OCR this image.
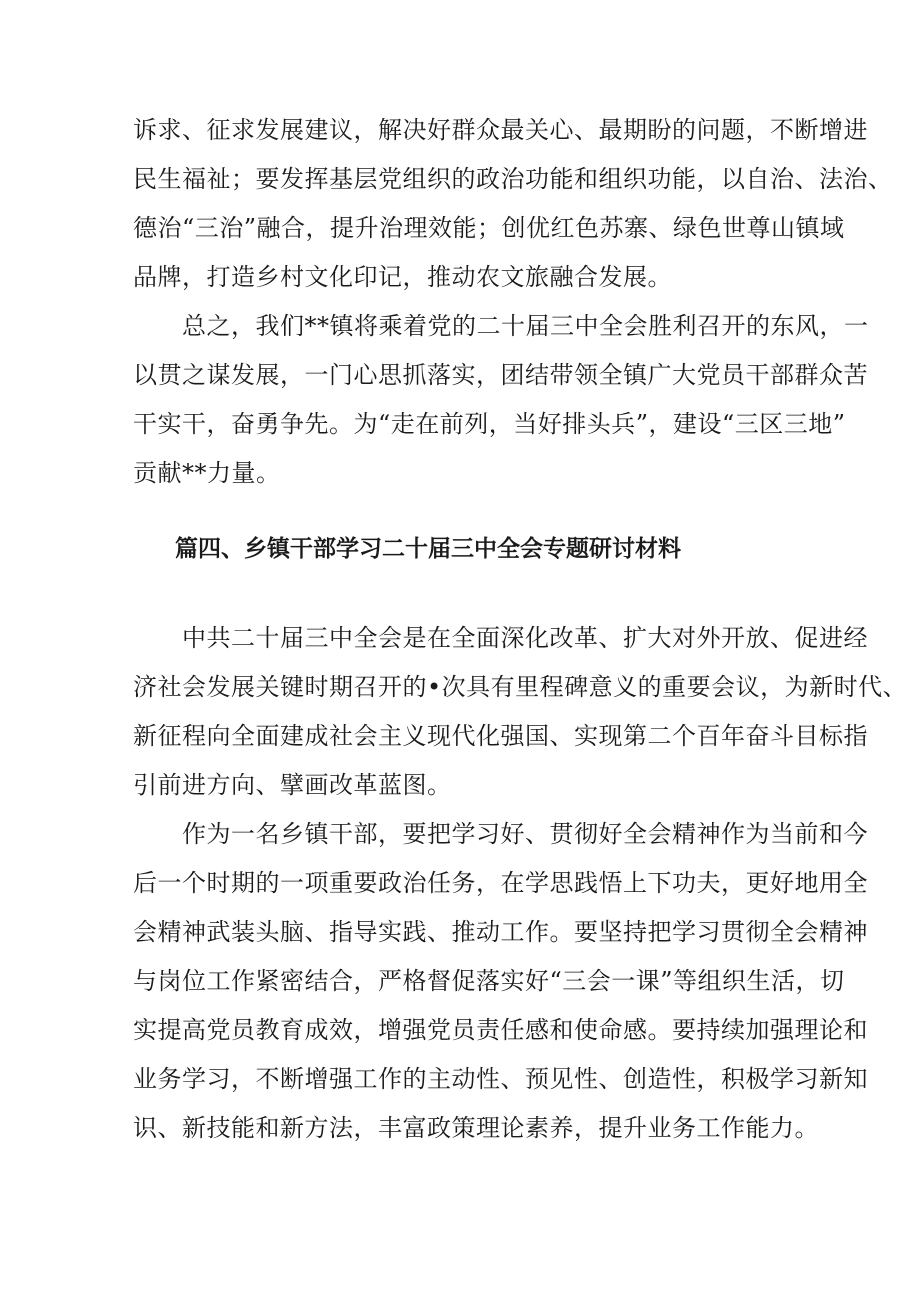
诉求、征求发展建议，解决好群众最关心、最期盼的问题，不断增进
民生福祉；要发挥基层党组织的政治功能和组织功能，以自治、法治、
德治“三治”融合，提升治理效能；创优红色苏寨、绿色世尊山镇域
品牌，打造乡村文化印记，推动农文旅融合发展。
　　总之，我们**镇将乘着党的二十届三中全会胜利召开的东风，一
以贯之谋发展，一门心思抓落实，团结带领全镇广大党员干部群众苦
干实干，奋勇争先。为“走在前列，当好排头兵”，建设“三区三地”
贡献**力量。
篇四、乡镇干部学习二十届三中全会专题研讨材料
　　中共二十届三中全会是在全面深化改革、扩大对外开放、促进经
济社会发展关键时期召开的•次具有里程碑意义的重要会议，为新时代、
新征程向全面建成社会主义现代化强国、实现第二个百年奋斗目标指
引前进方向、擘画改革蓝图。
　　作为一名乡镇干部，要把学习好、贯彻好全会精神作为当前和今
后一个时期的一项重要政治任务，在学思践悟上下功夫，更好地用全
会精神武装头脑、指导实践、推动工作。要坚持把学习贯彻全会精神
与岗位工作紧密结合，严格督促落实好“三会一课”等组织生活，切
实提高党员教育成效，增强党员责任感和使命感。要持续加强理论和
业务学习，不断增强工作的主动性、预见性、创造性，积极学习新知
识、新技能和新方法，丰富政策理论素养，提升业务工作能力。
